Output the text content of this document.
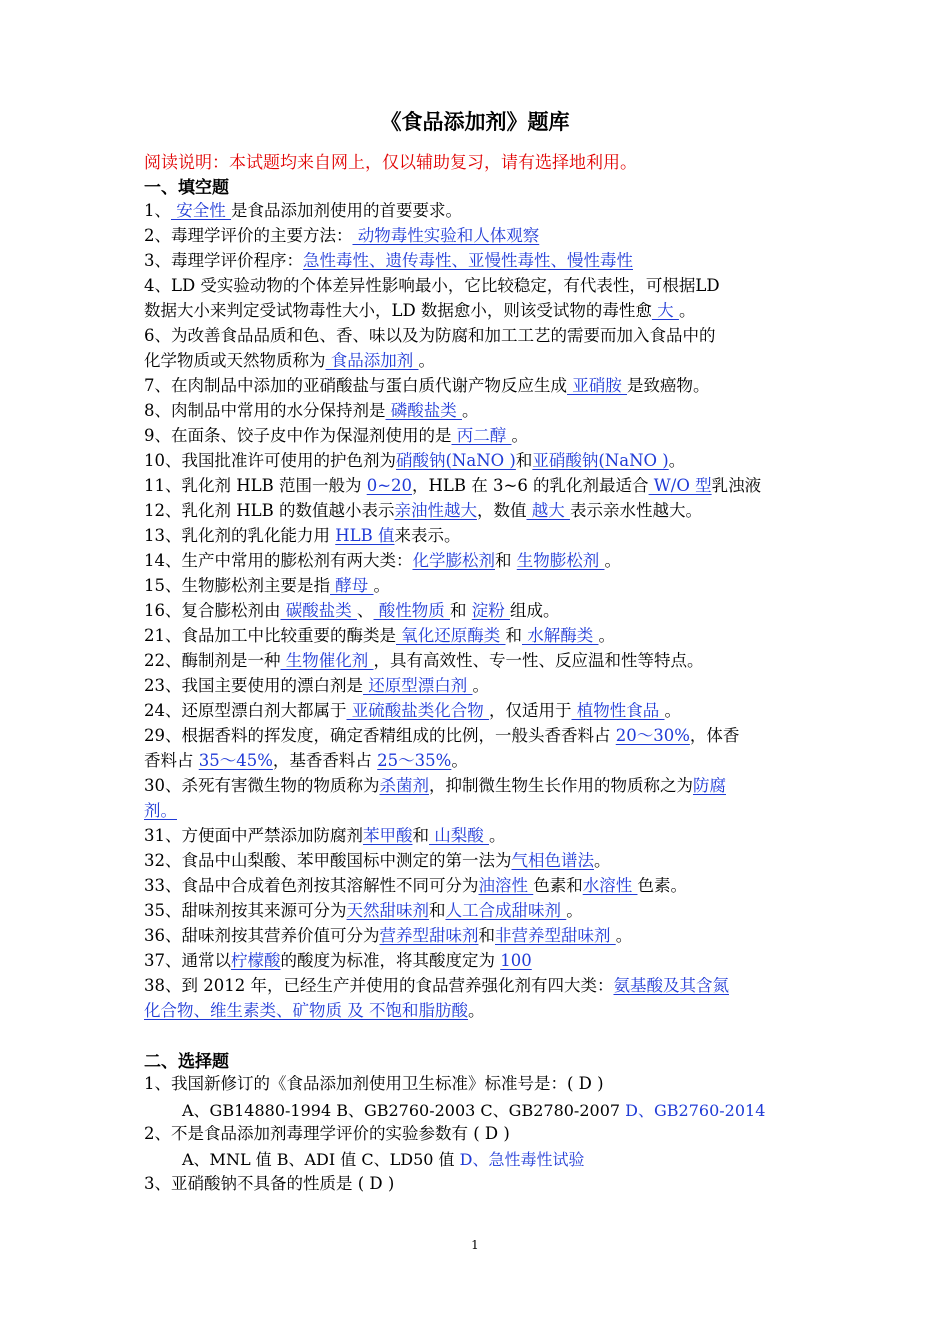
《食品添加剂》题库
阅读说明：本试题均来自网上，仅以辅助复习，请有选择地利用。
一、填空题
1、 安全性 是食品添加剂使用的首要要求。
2、毒理学评价的主要方法： 动物毒性实验和人体观察
3、毒理学评价程序：急性毒性、遗传毒性、亚慢性毒性、慢性毒性
4、LD 受实验动物的个体差异性影响最小，它比较稳定，有代表性，可根据LD
数据大小来判定受试物毒性大小，LD 数据愈小，则该受试物的毒性愈 大 。
6、为改善食品品质和色、香、味以及为防腐和加工工艺的需要而加入食品中的
化学物质或天然物质称为 食品添加剂 。
7、在肉制品中添加的亚硝酸盐与蛋白质代谢产物反应生成 亚硝胺 是致癌物。
8、肉制品中常用的水分保持剂是 磷酸盐类 。
9、在面条、饺子皮中作为保湿剂使用的是 丙二醇 。
10、我国批准许可使用的护色剂为硝酸钠(NaNO )和亚硝酸钠(NaNO )。
11、乳化剂 HLB 范围一般为 0~20，HLB 在 3~6 的乳化剂最适合 W/O 型乳浊液
12、乳化剂 HLB 的数值越小表示亲油性越大，数值 越大 表示亲水性越大。
13、乳化剂的乳化能力用 HLB 值来表示。
14、生产中常用的膨松剂有两大类：化学膨松剂和 生物膨松剂 。
15、生物膨松剂主要是指 酵母 。
16、复合膨松剂由 碳酸盐类 、 酸性物质 和 淀粉 组成。
21、食品加工中比较重要的酶类是 氧化还原酶类 和 水解酶类 。
22、酶制剂是一种 生物催化剂 ，具有高效性、专一性、反应温和性等特点。
23、我国主要使用的漂白剂是 还原型漂白剂 。
24、还原型漂白剂大都属于 亚硫酸盐类化合物 ，仅适用于 植物性食品 。
29、根据香料的挥发度，确定香精组成的比例，一般头香香料占 20～30%，体香
香料占 35～45%，基香香料占 25～35%。
30、杀死有害微生物的物质称为杀菌剂，抑制微生物生长作用的物质称之为防腐
剂。
31、方便面中严禁添加防腐剂苯甲酸和 山梨酸 。
32、食品中山梨酸、苯甲酸国标中测定的第一法为气相色谱法。
33、食品中合成着色剂按其溶解性不同可分为油溶性 色素和水溶性 色素。
35、甜味剂按其来源可分为天然甜味剂和人工合成甜味剂 。
36、甜味剂按其营养价值可分为营养型甜味剂和非营养型甜味剂 。
37、通常以柠檬酸的酸度为标准，将其酸度定为 100
38、到 2012 年，已经生产并使用的食品营养强化剂有四大类：氨基酸及其含氮
化合物、维生素类、矿物质 及 不饱和脂肪酸。
二、选择题
1、我国新修订的《食品添加剂使用卫生标准》标准号是：( D )
A、GB14880-1994 B、GB2760-2003 C、GB2780-2007 D、GB2760-2014
2、不是食品添加剂毒理学评价的实验参数有 ( D )
A、MNL 值 B、ADI 值 C、LD50 值 D、急性毒性试验
3、亚硝酸钠不具备的性质是 ( D )
1
